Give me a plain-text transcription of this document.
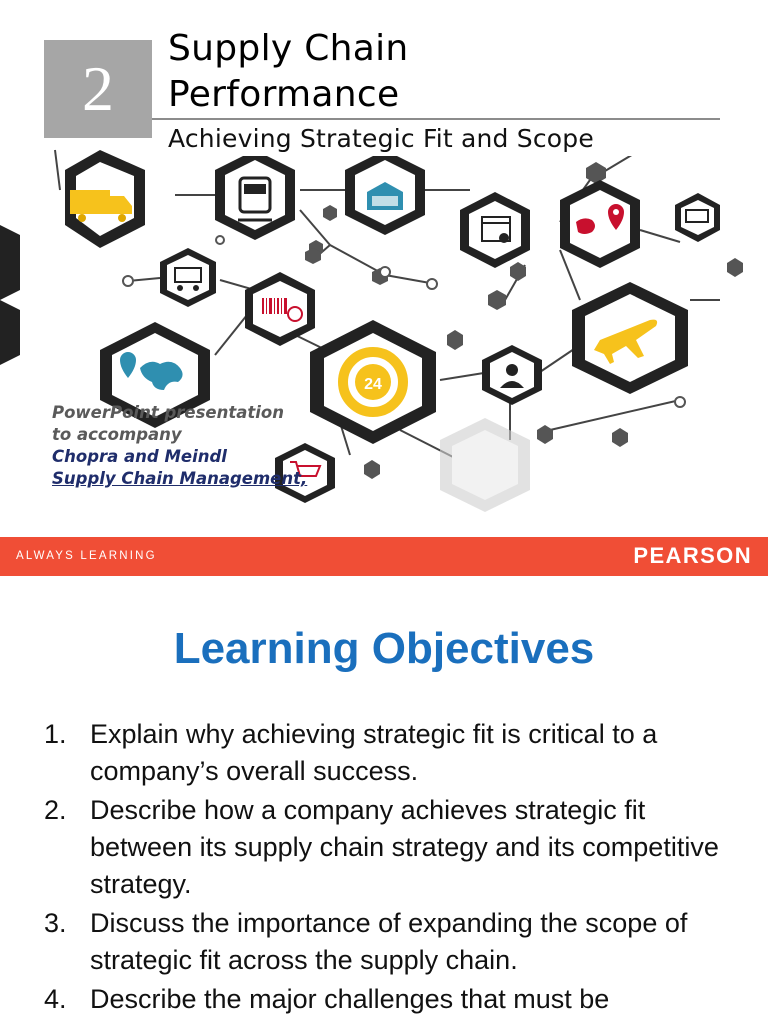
24
2
Supply Chain
Performance
Achieving Strategic Fit and Scope
PowerPoint presentation
to accompany
Chopra and Meindl
Supply Chain Management,
ALWAYS LEARNING	PEARSON
Learning Objectives
1. Explain why achieving strategic fit is critical to a company’s overall success.
2. Describe how a company achieves strategic fit between its supply chain strategy and its competitive strategy.
3. Discuss the importance of expanding the scope of strategic fit across the supply chain.
4. Describe the major challenges that must be
